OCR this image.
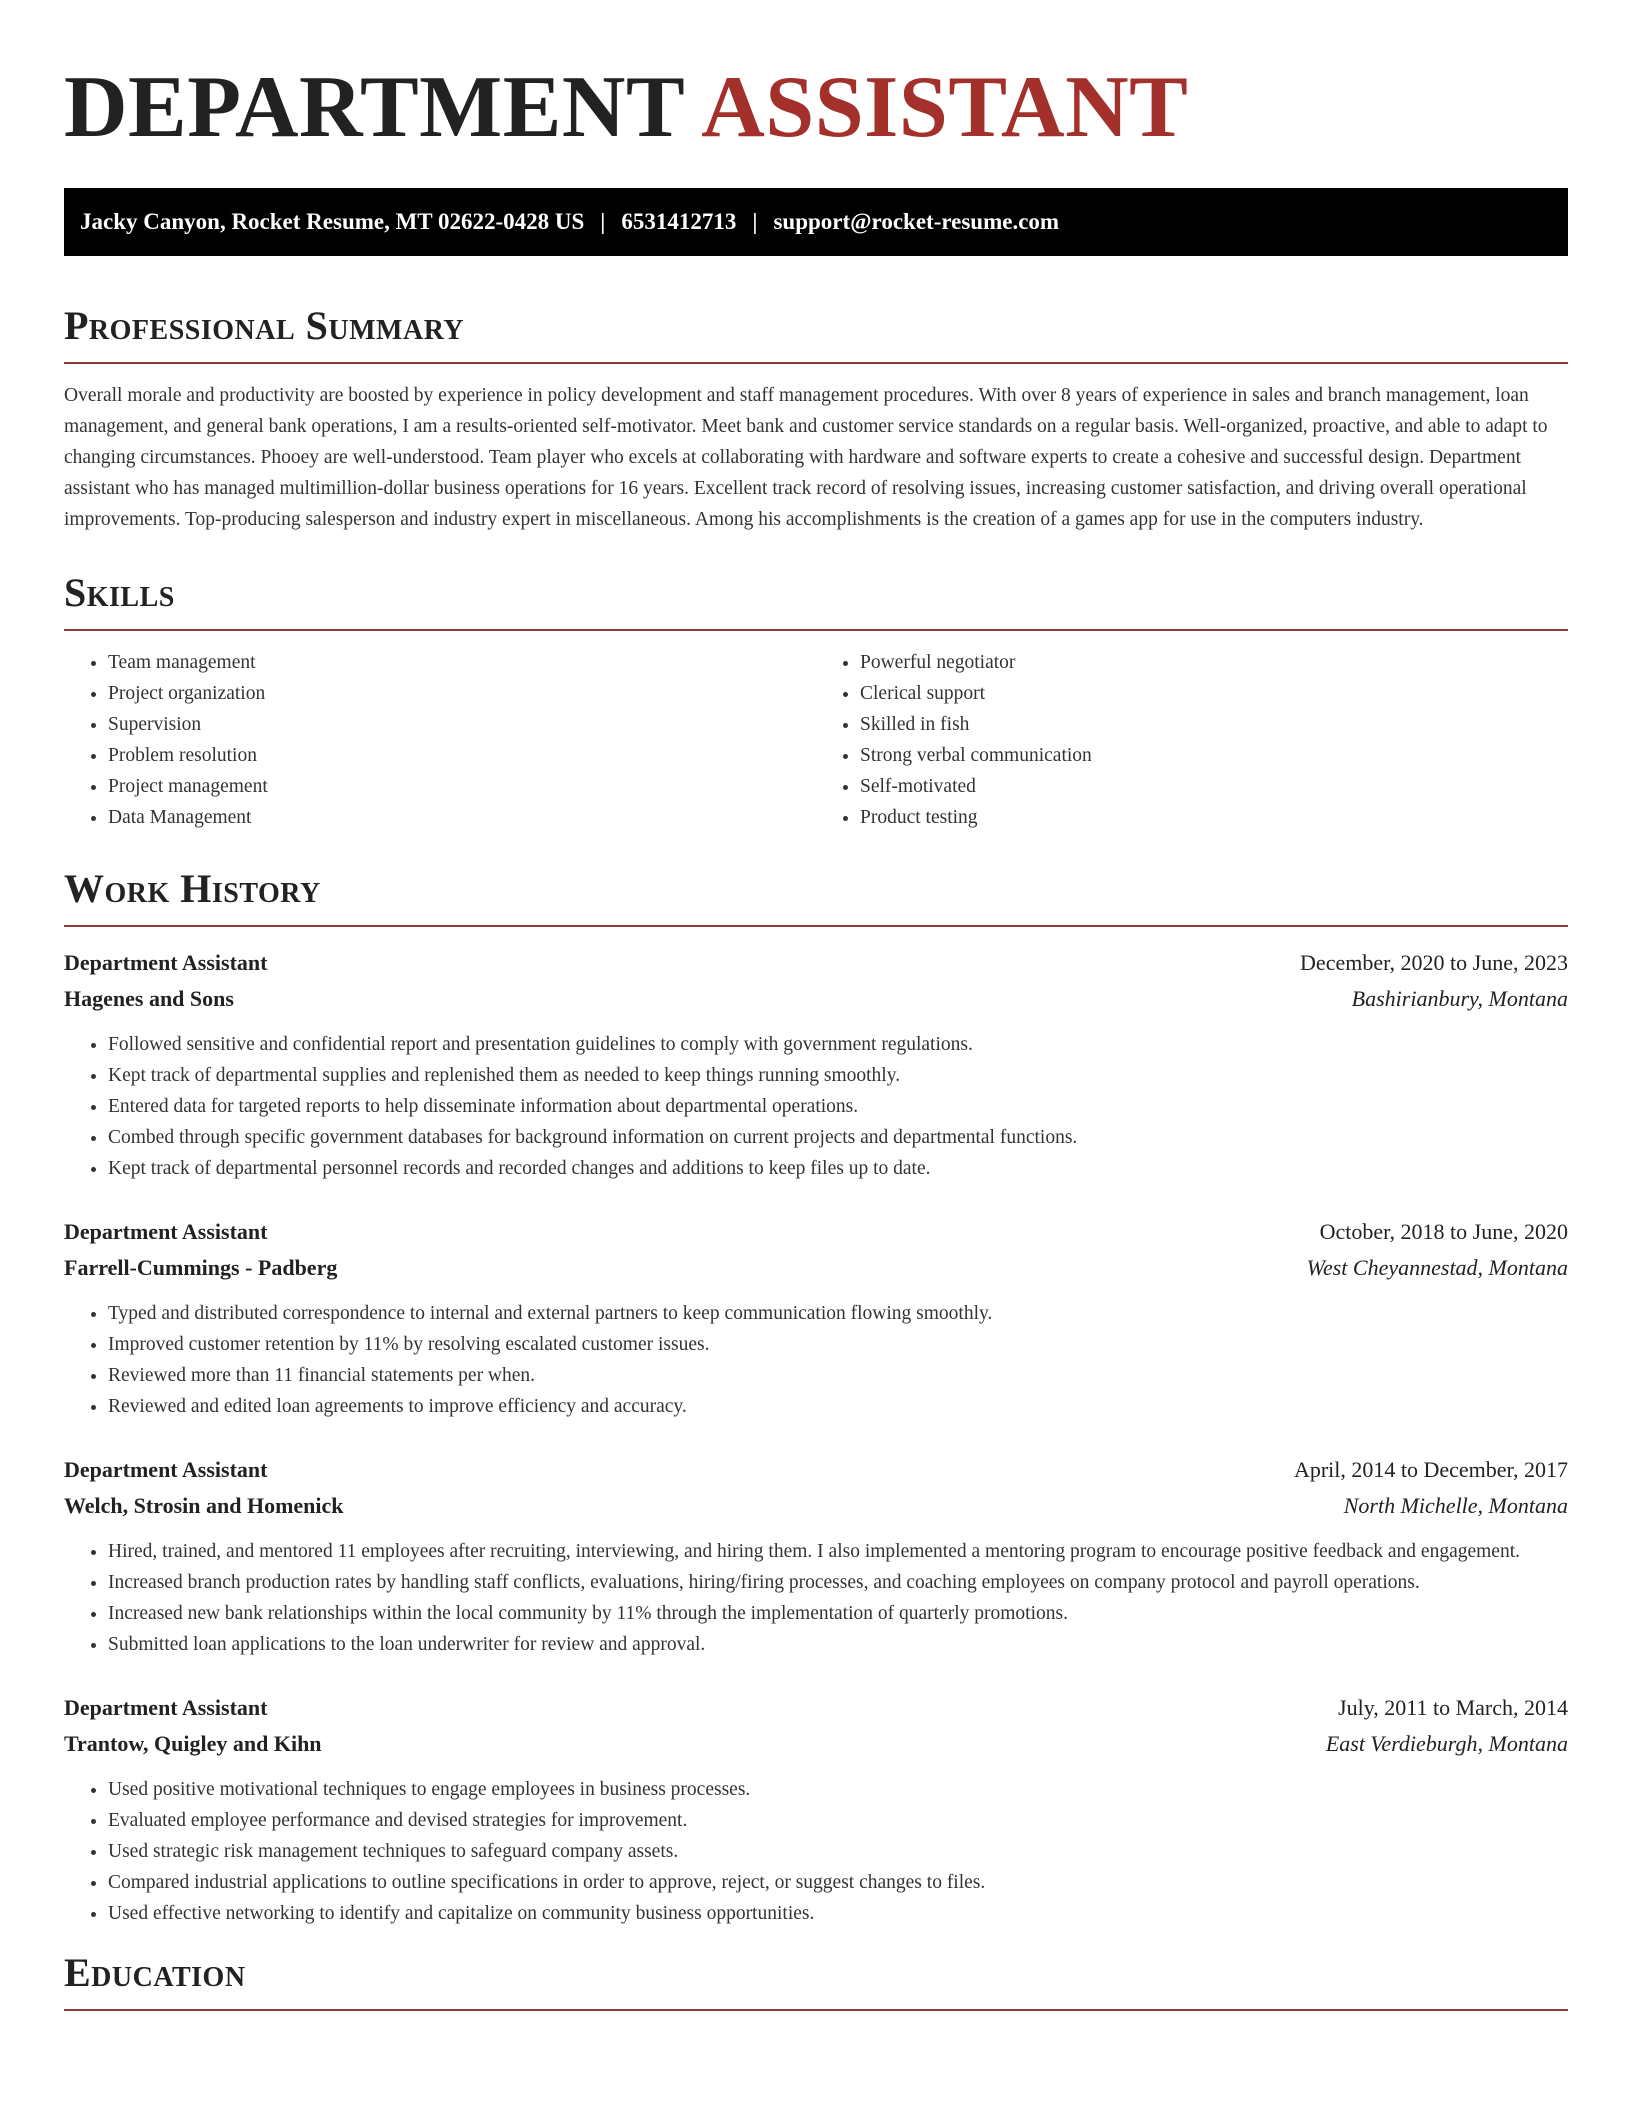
DEPARTMENT ASSISTANT
Jacky Canyon, Rocket Resume, MT 02622-0428 US | 6531412713 | support@rocket-resume.com
Professional Summary

Overall morale and productivity are boosted by experience in policy development and staff management procedures. With over 8 years of experience in sales and branch management, loan management, and general bank operations, I am a results-oriented self-motivator. Meet bank and customer service standards on a regular basis. Well-organized, proactive, and able to adapt to changing circumstances. Phooey are well-understood. Team player who excels at collaborating with hardware and software experts to create a cohesive and successful design. Department assistant who has managed multimillion-dollar business operations for 16 years. Excellent track record of resolving issues, increasing customer satisfaction, and driving overall operational improvements. Top-producing salesperson and industry expert in miscellaneous. Among his accomplishments is the creation of a games app for use in the computers industry.

Skills
• Team management
• Project organization
• Supervision
• Problem resolution
• Project management
• Data Management
• Powerful negotiator
• Clerical support
• Skilled in fish
• Strong verbal communication
• Self-motivated
• Product testing
Work History
Department Assistant	December, 2020 to June, 2023
Hagenes and Sons	Bashirianbury, Montana
• Followed sensitive and confidential report and presentation guidelines to comply with government regulations.
• Kept track of departmental supplies and replenished them as needed to keep things running smoothly.
• Entered data for targeted reports to help disseminate information about departmental operations.
• Combed through specific government databases for background information on current projects and departmental functions.
• Kept track of departmental personnel records and recorded changes and additions to keep files up to date.
Department Assistant	October, 2018 to June, 2020
Farrell-Cummings - Padberg	West Cheyannestad, Montana
• Typed and distributed correspondence to internal and external partners to keep communication flowing smoothly.
• Improved customer retention by 11% by resolving escalated customer issues.
• Reviewed more than 11 financial statements per when.
• Reviewed and edited loan agreements to improve efficiency and accuracy.
Department Assistant	April, 2014 to December, 2017
Welch, Strosin and Homenick	North Michelle, Montana
• Hired, trained, and mentored 11 employees after recruiting, interviewing, and hiring them. I also implemented a mentoring program to encourage positive feedback and engagement.
• Increased branch production rates by handling staff conflicts, evaluations, hiring/firing processes, and coaching employees on company protocol and payroll operations.
• Increased new bank relationships within the local community by 11% through the implementation of quarterly promotions.
• Submitted loan applications to the loan underwriter for review and approval.
Department Assistant	July, 2011 to March, 2014
Trantow, Quigley and Kihn	East Verdieburgh, Montana
• Used positive motivational techniques to engage employees in business processes.
• Evaluated employee performance and devised strategies for improvement.
• Used strategic risk management techniques to safeguard company assets.
• Compared industrial applications to outline specifications in order to approve, reject, or suggest changes to files.
• Used effective networking to identify and capitalize on community business opportunities.
Education
